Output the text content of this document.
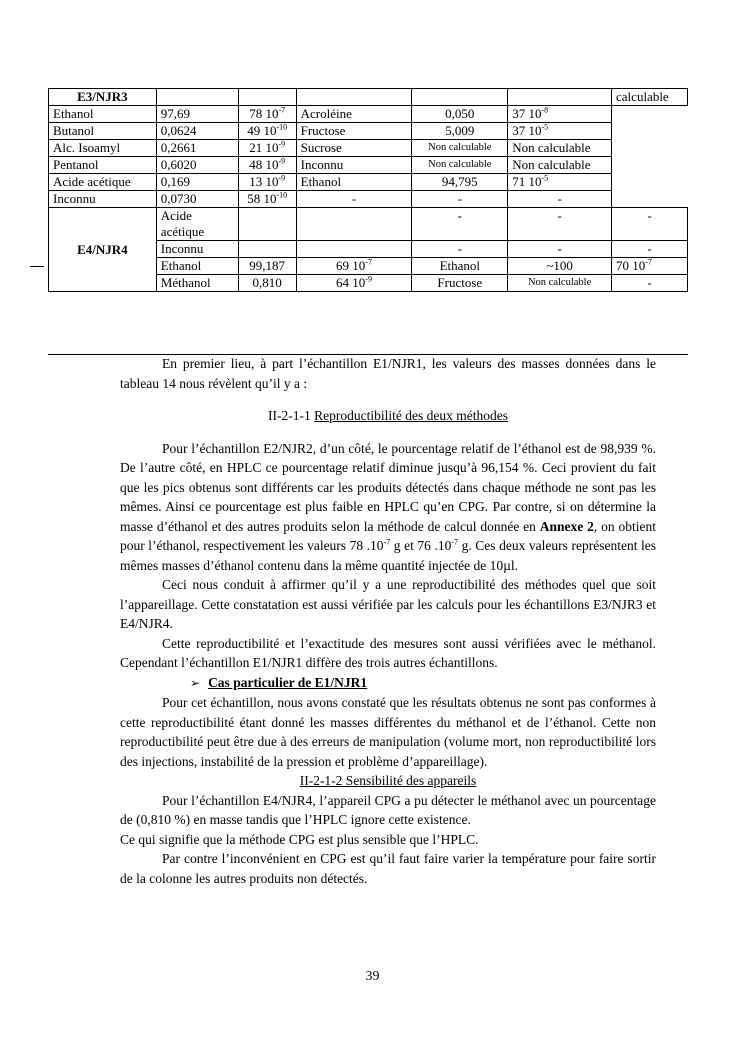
E3/NJR3						calculable
Ethanol	97,69	78 $10^{-7}$	Acroléine	0,050	37 $10^{-8}$
Butanol	0,0624	49 $10^{-10}$	Fructose	5,009	37 $10^{-5}$
Alc. Isoamyl	0,2661	21 $10^{-9}$	Sucrose	Non calculable	Non calculable	
Pentanol	0,6020	48 $10^{-9}$	Inconnu	Non calculable	Non calculable	
Acide acétique	0,169	13 $10^{-9}$	Ethanol	94,795	71 $10^{-5}$
Inconnu	0,0730	58 $10^{-10}$	-	-	-	
E4/NJR4	Acide acétique			-	-	-
	Inconnu			-	-	-
	Ethanol	99,187	69 $10^{-7}$	Ethanol	~100	70 $10^{-7}$
	Méthanol	0,810	64 $10^{-9}$	Fructose	Non calculable	-

En premier lieu, à part l’échantillon E1/NJR1, les valeurs des masses données dans le tableau 14 nous révèlent qu’il y a :

II-2-1-1 Reproductibilité des deux méthodes

Pour l’échantillon E2/NJR2, d’un côté, le pourcentage relatif de l’éthanol est de 98,939 %. De l’autre côté, en HPLC ce pourcentage relatif diminue jusqu’à 96,154 %. Ceci provient du fait que les pics obtenus sont différents car les produits détectés dans chaque méthode ne sont pas les mêmes. Ainsi ce pourcentage est plus faible en HPLC qu’en CPG. Par contre, si on détermine la masse d’éthanol et des autres produits selon la méthode de calcul donnée en Annexe 2, on obtient pour l’éthanol, respectivement les valeurs 78 $.10^{-7}$ g et 76 $.10^{-7}$ g. Ces deux valeurs représentent les mêmes masses d’éthanol contenu dans la même quantité injectée de 10µl.

Ceci nous conduit à affirmer qu’il y a une reproductibilité des méthodes quel que soit l’appareillage. Cette constatation est aussi vérifiée par les calculs pour les échantillons E3/NJR3 et E4/NJR4.

Cette reproductibilité et l’exactitude des mesures sont aussi vérifiées avec le méthanol. Cependant l’échantillon E1/NJR1 diffère des trois autres échantillons.

➢ Cas particulier de E1/NJR1

Pour cet échantillon, nous avons constaté que les résultats obtenus ne sont pas conformes à cette reproductibilité étant donné les masses différentes du méthanol et de l’éthanol. Cette non reproductibilité peut être due à des erreurs de manipulation (volume mort, non reproductibilité lors des injections, instabilité de la pression et problème d’appareillage).

II-2-1-2 Sensibilité des appareils

Pour l’échantillon E4/NJR4, l’appareil CPG a pu détecter le méthanol avec un pourcentage de (0,810 %) en masse tandis que l’HPLC ignore cette existence.

Ce qui signifie que la méthode CPG est plus sensible que l’HPLC.

Par contre l’inconvénient en CPG est qu’il faut faire varier la température pour faire sortir de la colonne les autres produits non détectés.

39
